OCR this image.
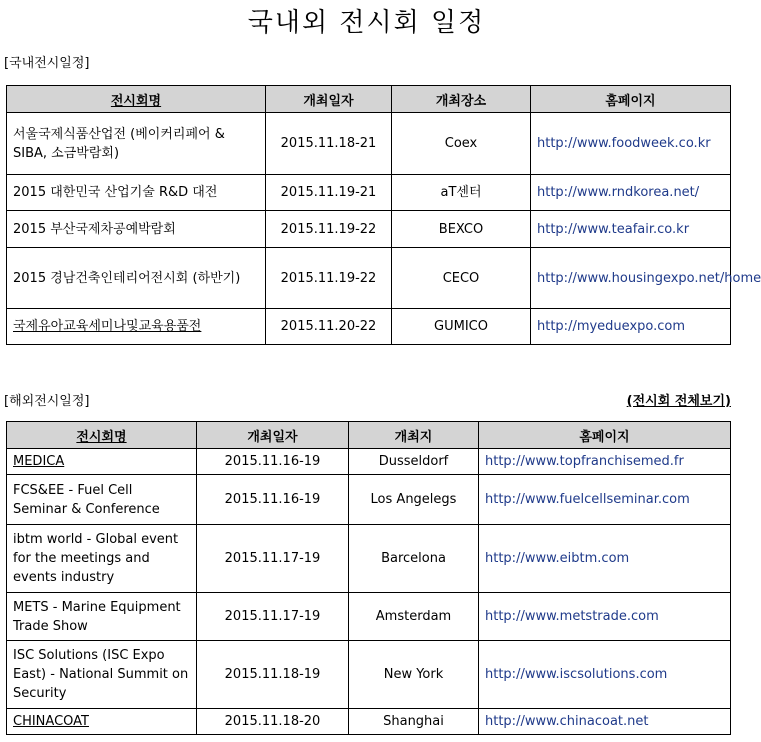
국내외 전시회 일정
[국내전시일정]
전시회명	개최일자	개최장소	홈페이지
서울국제식품산업전 (베이커리페어 & SIBA, 소금박람회)	2015.11.18-21	Coex	http://www.foodweek.co.kr
2015 대한민국 산업기술 R&D 대전	2015.11.19-21	aT센터	http://www.rndkorea.net/
2015 부산국제차공예박람회	2015.11.19-22	BEXCO	http://www.teafair.co.kr
2015 경남건축인테리어전시회 (하반기)	2015.11.19-22	CECO	http://www.housingexpo.net/home
국제유아교육세미나및교육용품전	2015.11.20-22	GUMICO	http://myeduexpo.com
[해외전시일정]	(전시회 전체보기)
전시회명	개최일자	개최지	홈페이지
MEDICA	2015.11.16-19	Dusseldorf	http://www.topfranchisemed.fr
FCS&EE - Fuel Cell Seminar & Conference	2015.11.16-19	Los Angelegs	http://www.fuelcellseminar.com
ibtm world - Global event for the meetings and events industry	2015.11.17-19	Barcelona	http://www.eibtm.com
METS - Marine Equipment Trade Show	2015.11.17-19	Amsterdam	http://www.metstrade.com
ISC Solutions (ISC Expo East) - National Summit on Security	2015.11.18-19	New York	http://www.iscsolutions.com
CHINACOAT	2015.11.18-20	Shanghai	http://www.chinacoat.net
